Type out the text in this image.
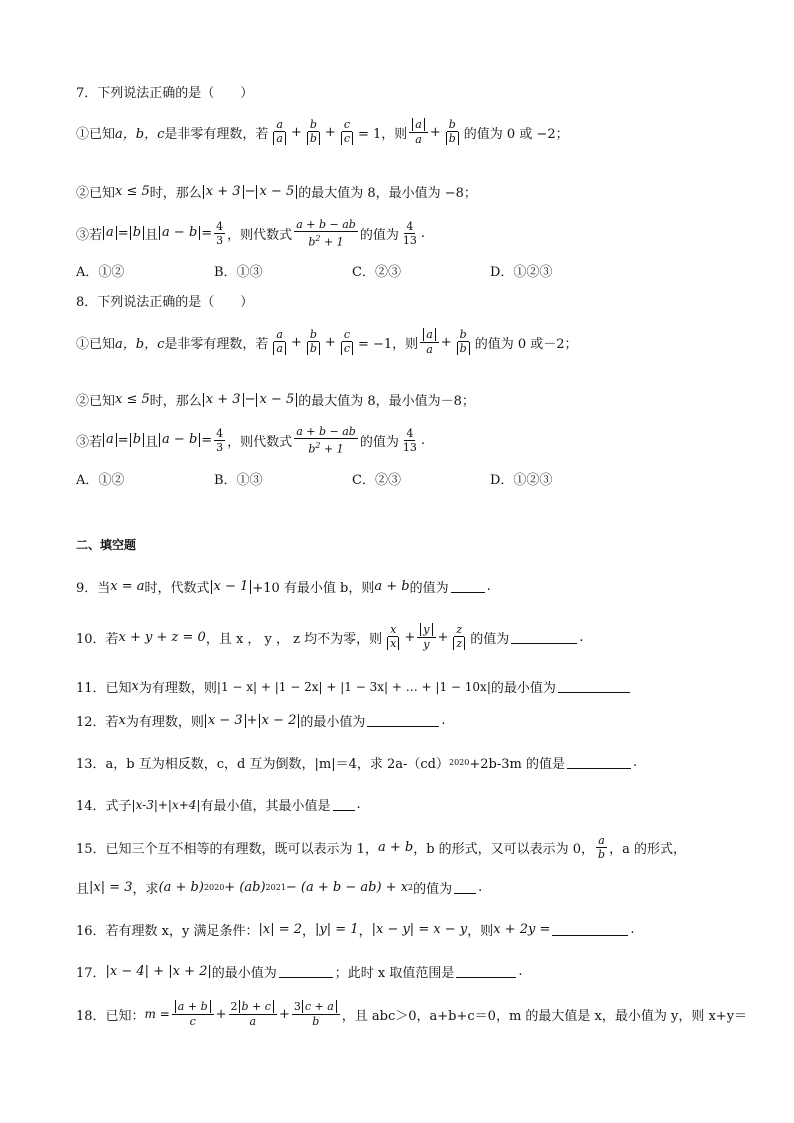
7．下列说法正确的是（　　）
①已知 a，b，c 是非零有理数，若 $\frac{a}{a} + \frac{b}{b} + \frac{c}{c} = 1$，则 $\frac{a}{a} + \frac{b}{b}$ 的值为 0 或 −2；
②已知 x ≤ 5 时，那么 x + 3 − x − 5 的最大值为 8，最小值为 −8；
③若 a = b 且 $a - b = \frac{4}{3}$ ，则代数式 $\frac{a + b - ab}{b^2 + 1}$ 的值为 $\frac{4}{13}$ .
A．①②	B．①③	C．②③	D．①②③
8．下列说法正确的是（　　）
①已知 a，b，c 是非零有理数，若 $\frac{a}{a} + \frac{b}{b} + \frac{c}{c} = -1$，则 $\frac{a}{a} + \frac{b}{b}$ 的值为 0 或－2；
②已知 x ≤ 5 时，那么 x + 3 − x − 5 的最大值为 8，最小值为－8；
③若 a = b 且 $a - b = \frac{4}{3}$ ，则代数式 $\frac{a + b - ab}{b^2 + 1}$ 的值为 $\frac{4}{13}$ .
A．①②	B．①③	C．②③	D．①②③
二、填空题
9．当 x = a 时，代数式 x − 1 +10 有最小值 b，则 a + b 的值为	.
10．若 x + y + z = 0 ，且 x ， y ， z 均不为零，则 $\frac{x}{x} + \frac{y}{y} + \frac{z}{z}$ 的值为	.
11．已知 x 为有理数，则 |1 − x| + |1 − 2x| + |1 − 3x| + … + |1 − 10x| 的最小值为
12．若 x 为有理数，则 x − 3 + x − 2 的最小值为	.
13．a，b 互为相反数，c，d 互为倒数，|m|＝4，求 2a-（cd） 2020 +2b-3m 的值是	.
14．式子 |x-3|+|x+4| 有最小值，其最小值是 .
15．已知三个互不相等的有理数，既可以表示为 1， a + b ，b 的形式，又可以表示为 0， $\frac{a}{b}$ ，a 的形式，
且 |x| = 3 ，求 (a + b) 2020 + (ab) 2021 − (a + b − ab) + x 2 的值为 .
16．若有理数 x，y 满足条件： |x| = 2 ， |y| = 1 ， |x − y| = x − y ，则 x + 2y =	.
17． |x − 4| + |x + 2| 的最小值为	；此时 x 取值范围是	.
18．已知： $m = \frac{a + b}{c} + \frac{2 b + c}{a} + \frac{3 c + a}{b}$ ，且 abc＞0，a+b+c＝0，m 的最大值是 x，最小值为 y，则 x+y＝
